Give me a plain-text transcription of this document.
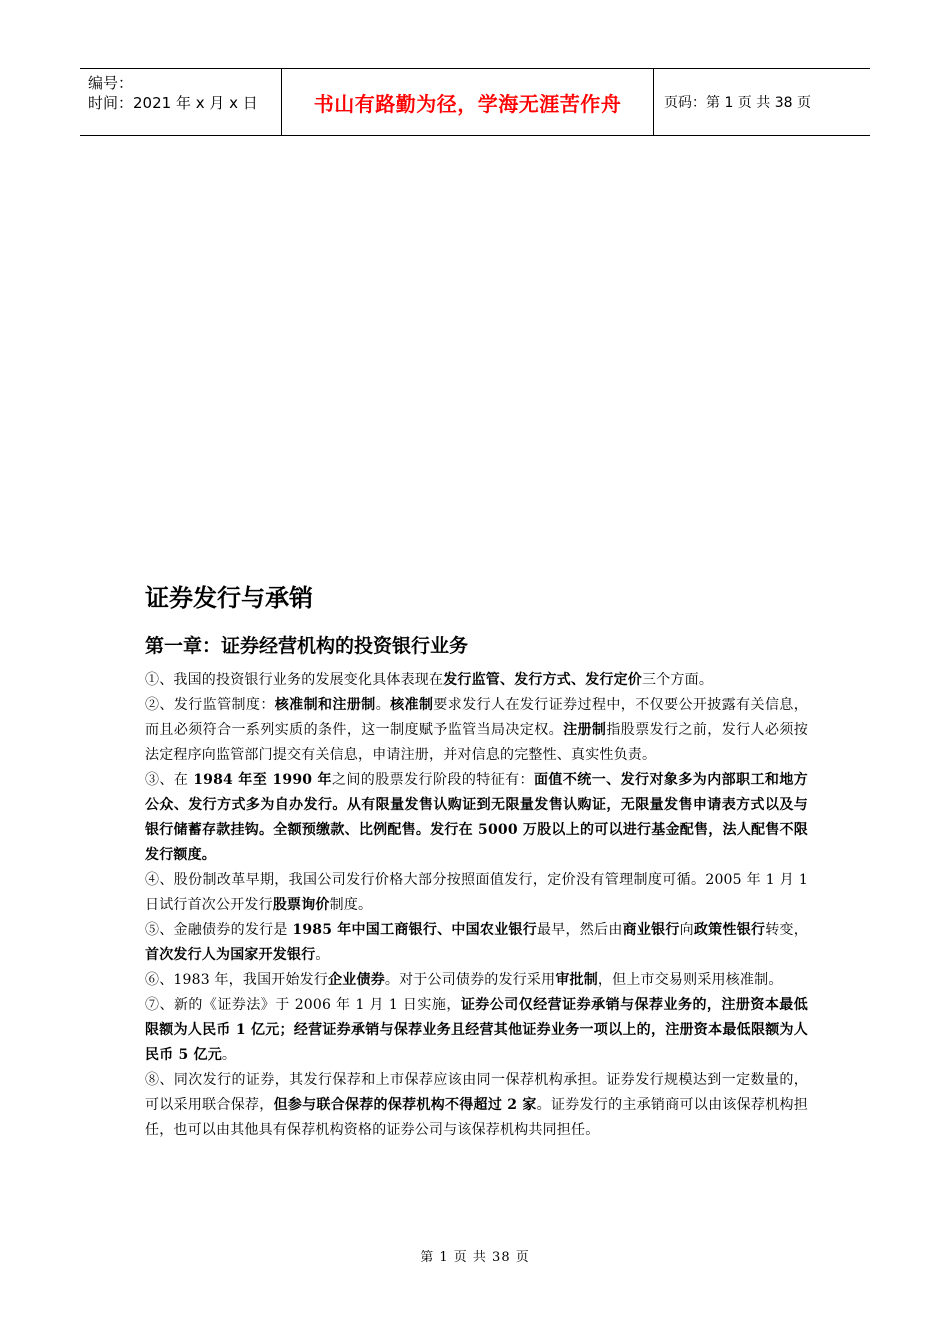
编号：
时间：2021 年 x 月 x 日	书山有路勤为径，学海无涯苦作舟	页码：第 1 页 共 38 页
证券发行与承销
第一章：证券经营机构的投资银行业务

①、我国的投资银行业务的发展变化具体表现在发行监管、发行方式、发行定价三个方面。

②、发行监管制度：核准制和注册制。核准制要求发行人在发行证券过程中，不仅要公开披露有关信息，而且必须符合一系列实质的条件，这一制度赋予监管当局决定权。注册制指股票发行之前，发行人必须按法定程序向监管部门提交有关信息，申请注册，并对信息的完整性、真实性负责。

③、在 1984 年至 1990 年之间的股票发行阶段的特征有：面值不统一、发行对象多为内部职工和地方公众、发行方式多为自办发行。从有限量发售认购证到无限量发售认购证，无限量发售申请表方式以及与银行储蓄存款挂钩。全额预缴款、比例配售。发行在 5000 万股以上的可以进行基金配售，法人配售不限发行额度。

④、股份制改革早期，我国公司发行价格大部分按照面值发行，定价没有管理制度可循。2005 年 1 月 1 日试行首次公开发行股票询价制度。

⑤、金融债券的发行是 1985 年中国工商银行、中国农业银行最早，然后由商业银行向政策性银行转变，首次发行人为国家开发银行。

⑥、1983 年，我国开始发行企业债券。对于公司债券的发行采用审批制，但上市交易则采用核准制。

⑦、新的《证券法》于 2006 年 1 月 1 日实施，证券公司仅经营证券承销与保荐业务的，注册资本最低限额为人民币 1 亿元；经营证券承销与保荐业务且经营其他证券业务一项以上的，注册资本最低限额为人民币 5 亿元。

⑧、同次发行的证券，其发行保荐和上市保荐应该由同一保荐机构承担。证券发行规模达到一定数量的，可以采用联合保荐，但参与联合保荐的保荐机构不得超过 2 家。证券发行的主承销商可以由该保荐机构担任，也可以由其他具有保荐机构资格的证券公司与该保荐机构共同担任。

第 1 页 共 38 页
